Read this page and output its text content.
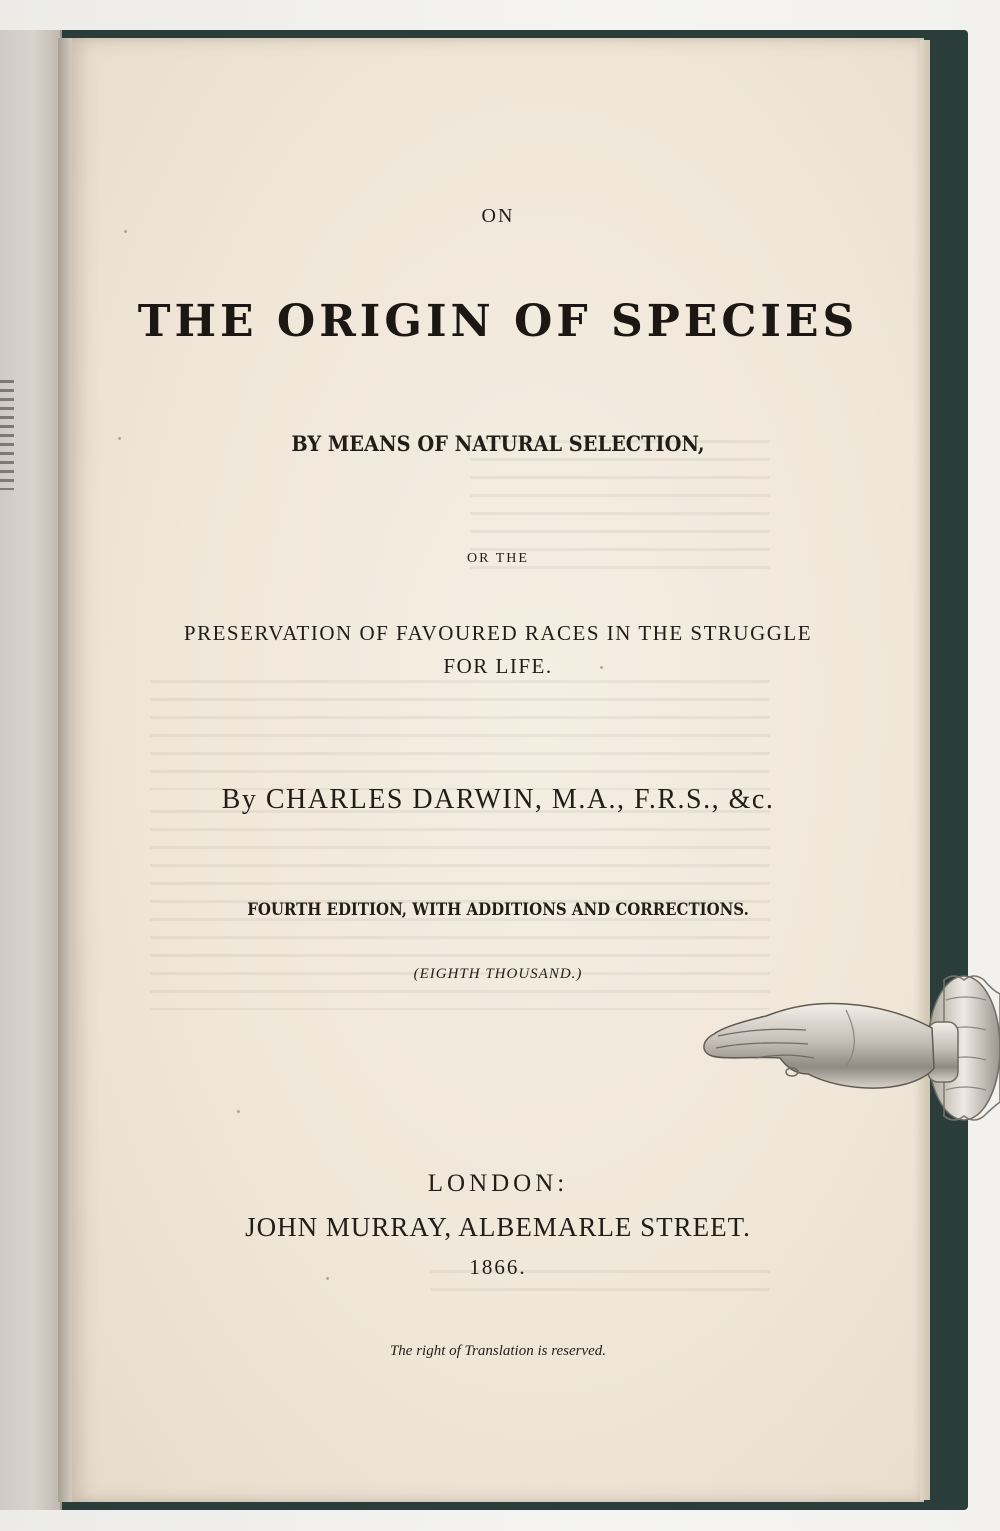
ON
THE ORIGIN OF SPECIES
BY MEANS OF NATURAL SELECTION,
OR THE
PRESERVATION OF FAVOURED RACES IN THE STRUGGLE
FOR LIFE.
By CHARLES DARWIN, M.A., F.R.S., &c.
FOURTH EDITION, WITH ADDITIONS AND CORRECTIONS.
(EIGHTH THOUSAND.)
LONDON:
JOHN MURRAY, ALBEMARLE STREET.
1866.
The right of Translation is reserved.
